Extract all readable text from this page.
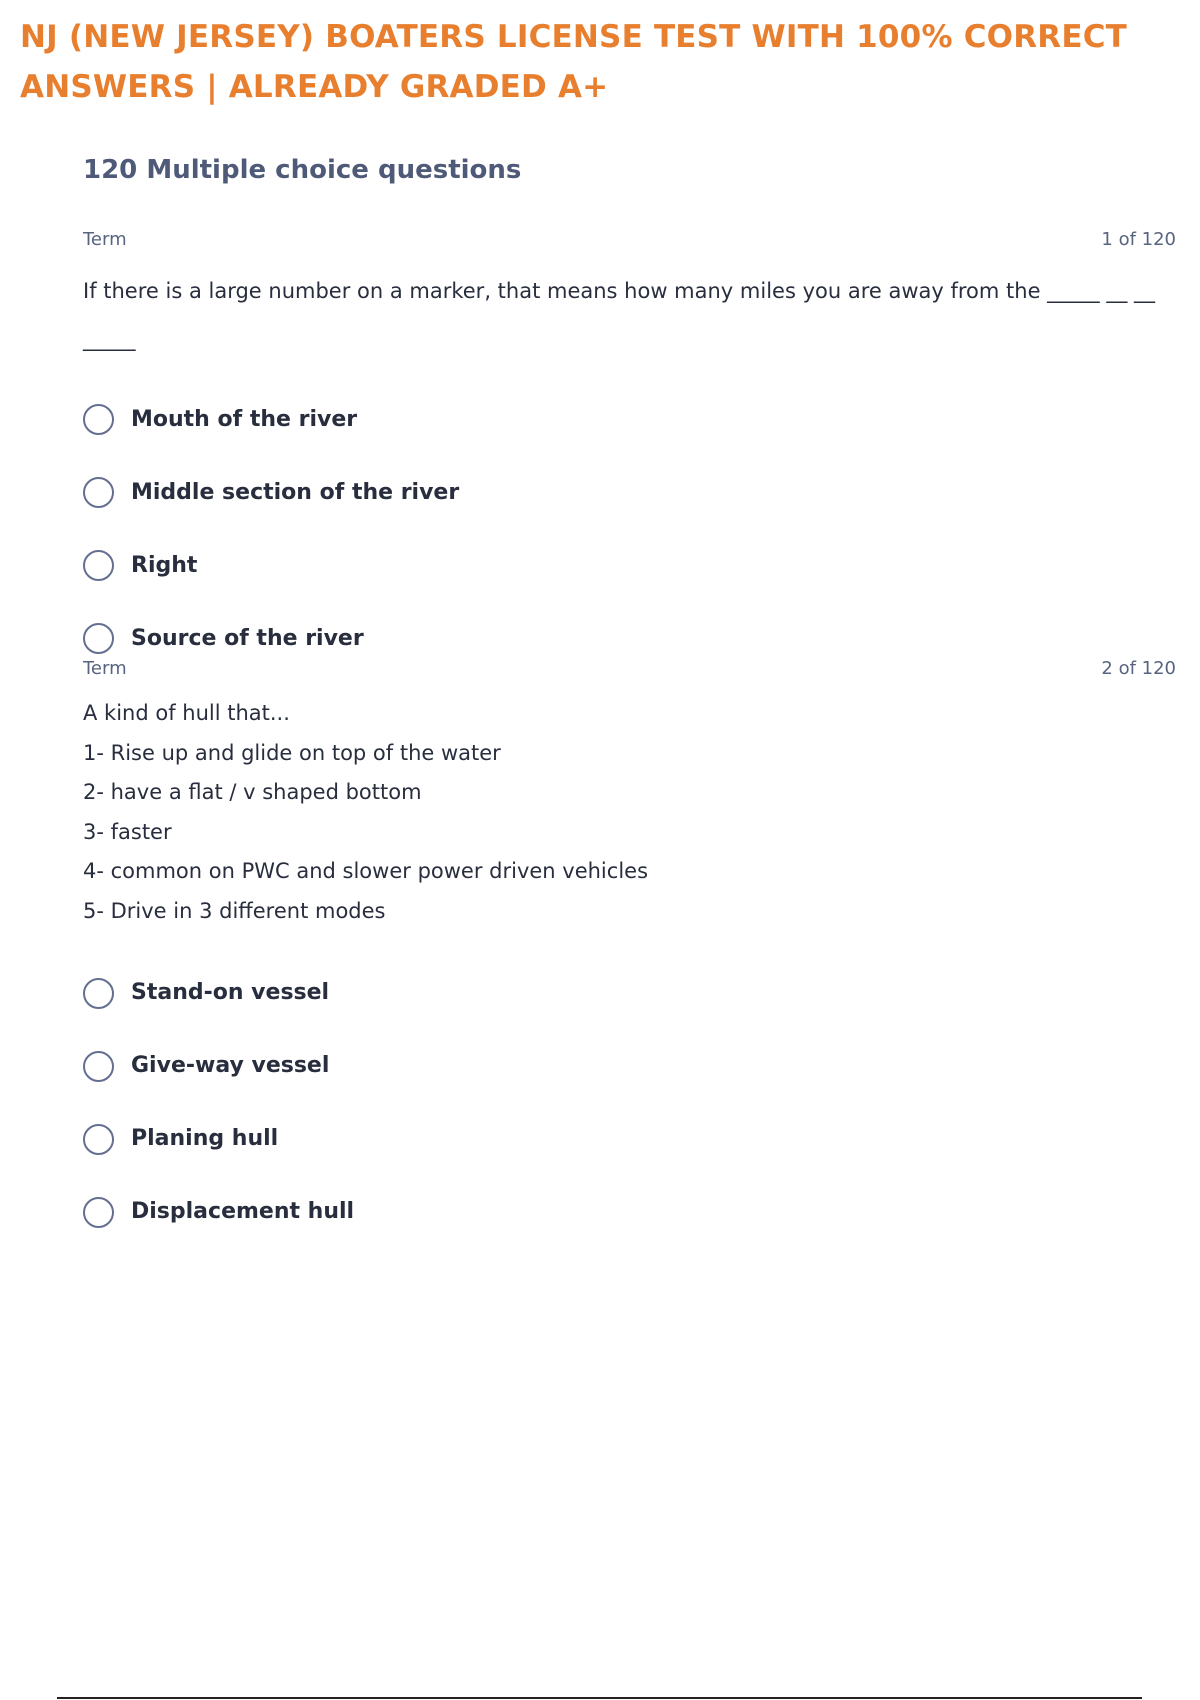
NJ (NEW JERSEY) BOATERS LICENSE TEST WITH 100% CORRECT ANSWERS | ALREADY GRADED A+
120 Multiple choice questions
Term	1 of 120
If there is a large number on a marker, that means how many miles you are away from the _____ __ __ _____
Mouth of the river
Middle section of the river
Right
Source of the river
Term	2 of 120
A kind of hull that...
1- Rise up and glide on top of the water
2- have a flat / v shaped bottom
3- faster
4- common on PWC and slower power driven vehicles
5- Drive in 3 different modes
Stand-on vessel
Give-way vessel
Planing hull
Displacement hull
